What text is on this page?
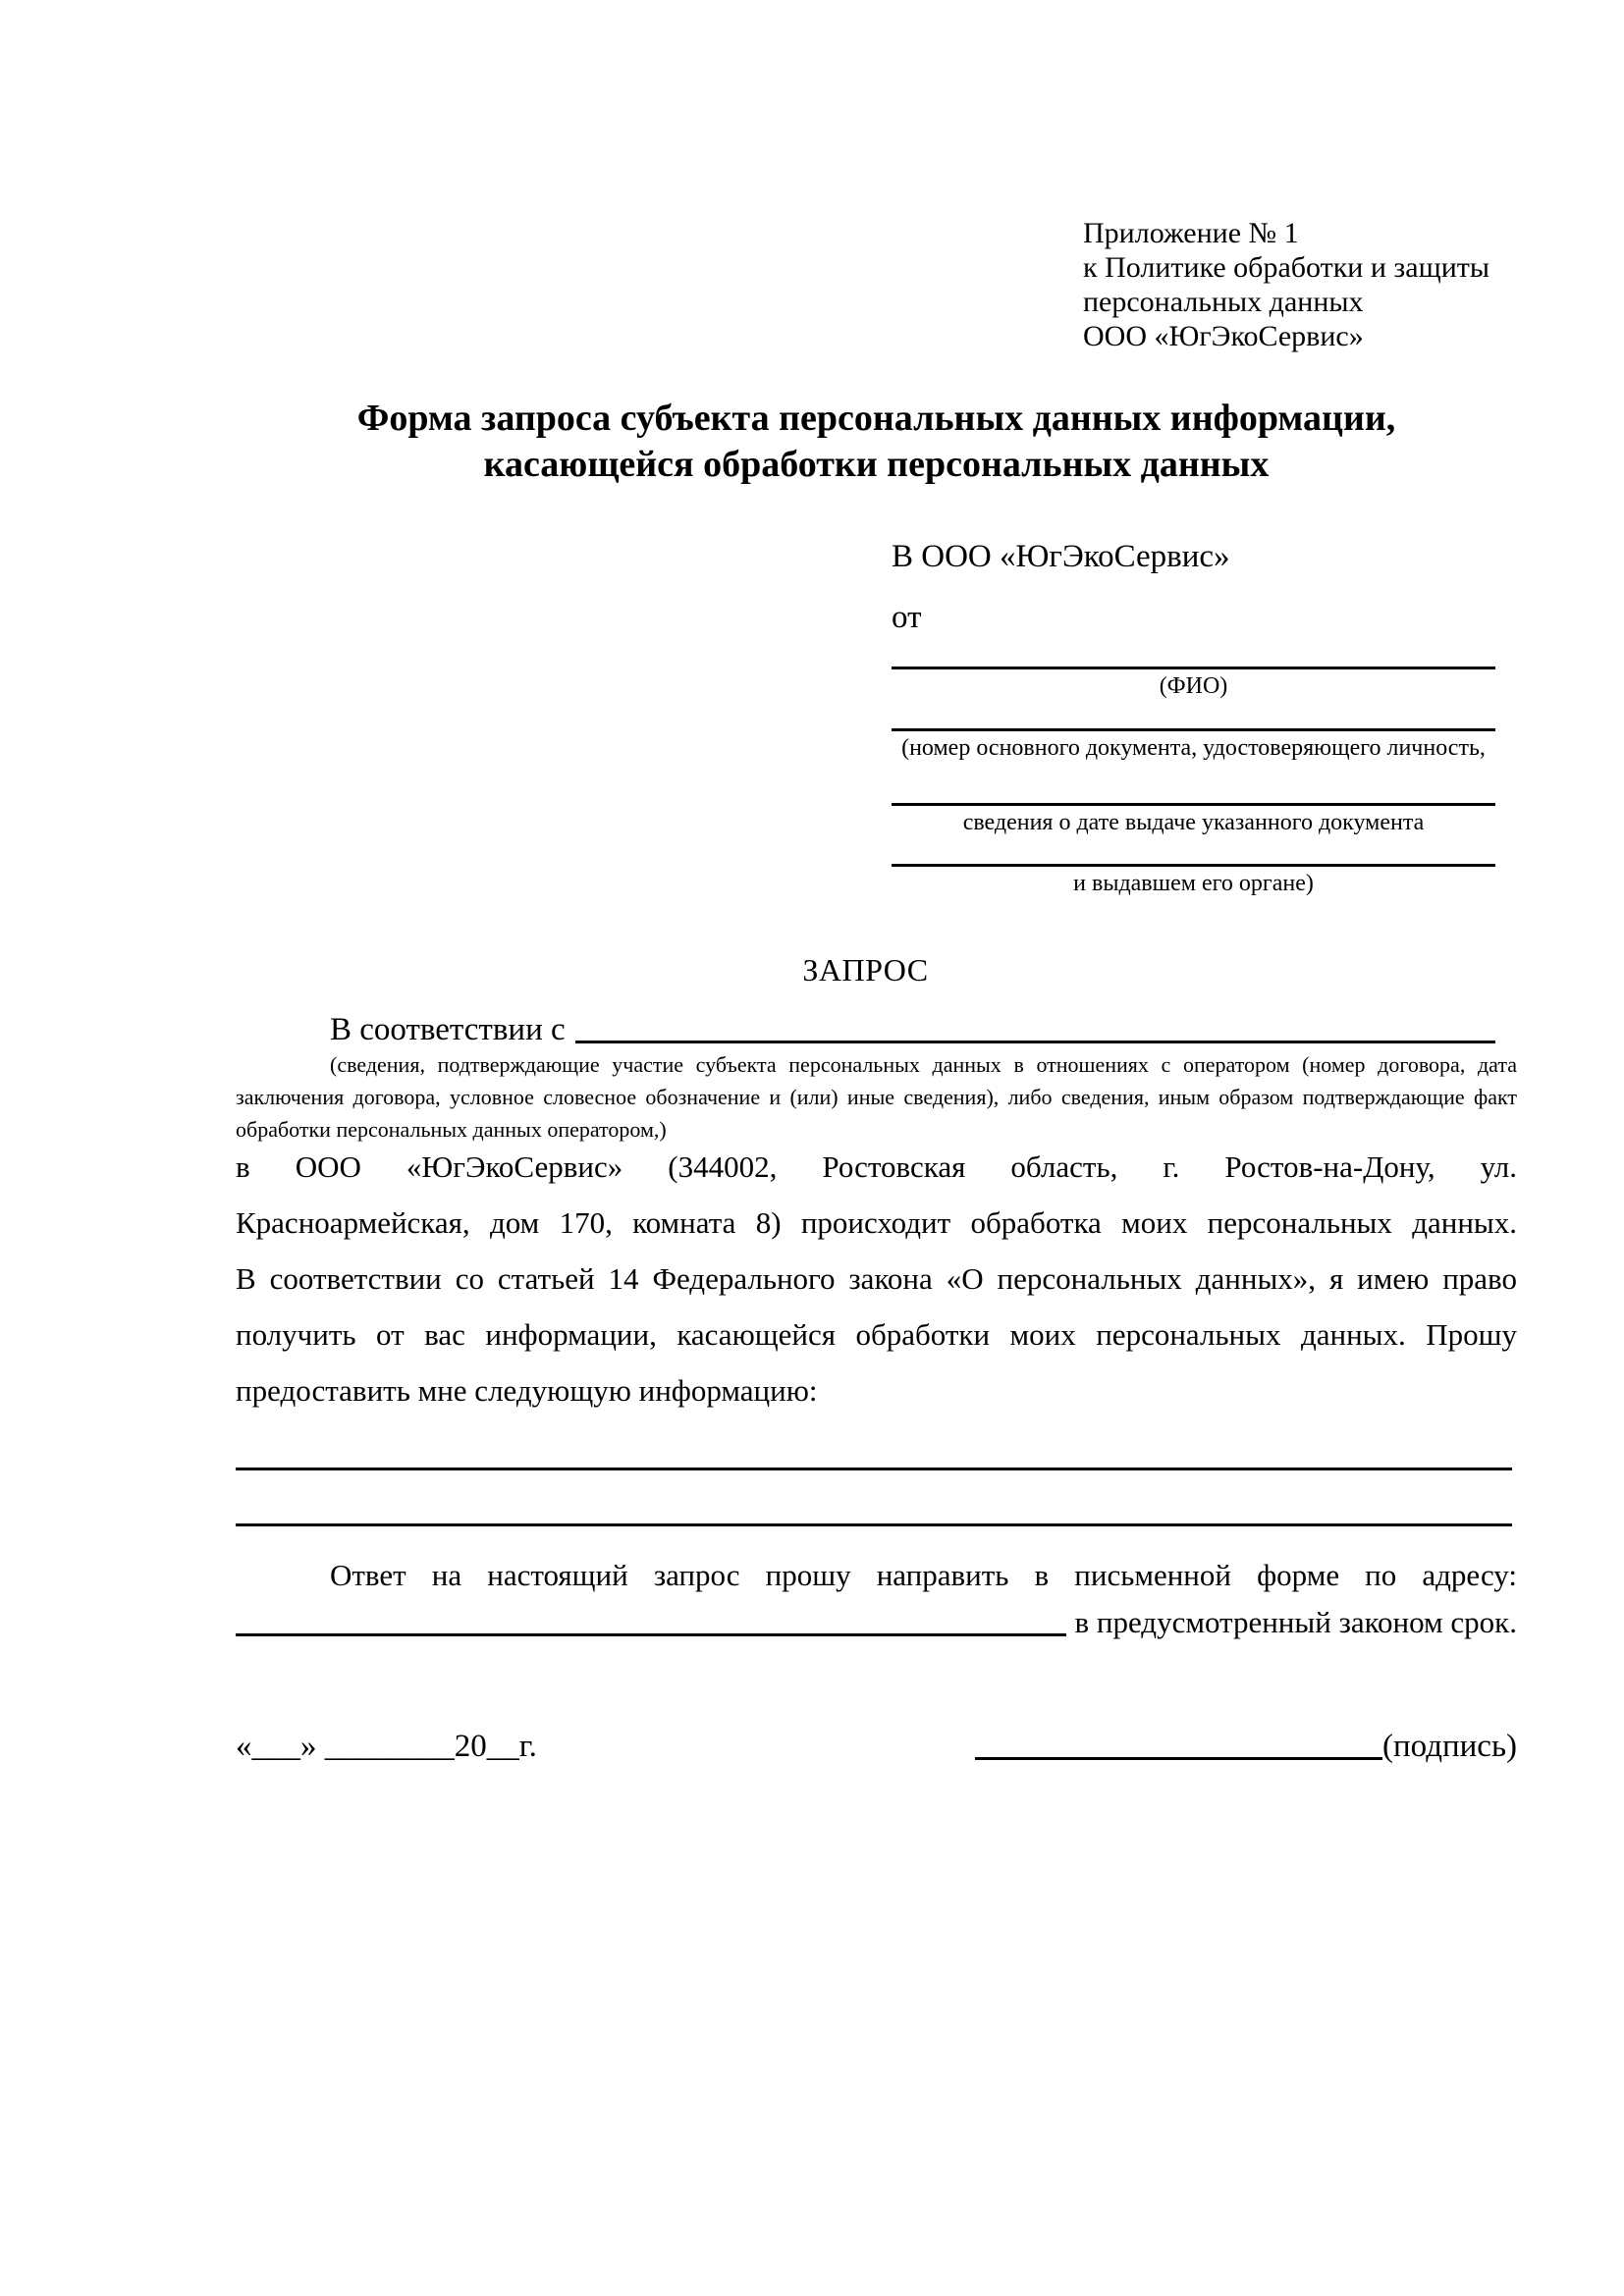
Приложение № 1
к Политике обработки и защиты
персональных данных
ООО «ЮгЭкоСервис»
Форма запроса субъекта персональных данных информации,
касающейся обработки персональных данных
В ООО «ЮгЭкоСервис»
от
(ФИО)
(номер основного документа, удостоверяющего личность,
сведения о дате выдаче указанного документа
и выдавшем его органе)
ЗАПРОС
В соответствии с
(сведения, подтверждающие участие субъекта персональных данных в отношениях с оператором (номер договора, дата
заключения договора, условное словесное обозначение и (или) иные сведения), либо сведения, иным образом подтверждающие факт
обработки персональных данных оператором,)
в ООО «ЮгЭкоСервис» (344002, Ростовская область, г. Ростов-на-Дону, ул.
Красноармейская, дом 170, комната 8) происходит обработка моих персональных данных.
В соответствии со статьей 14 Федерального закона «О персональных данных», я имею право
получить от вас информации, касающейся обработки моих персональных данных. Прошу
предоставить мне следующую информацию:
Ответ на настоящий запрос прошу направить в письменной форме по адресу:
в предусмотренный законом срок.
«___» ________20__г.	(подпись)
